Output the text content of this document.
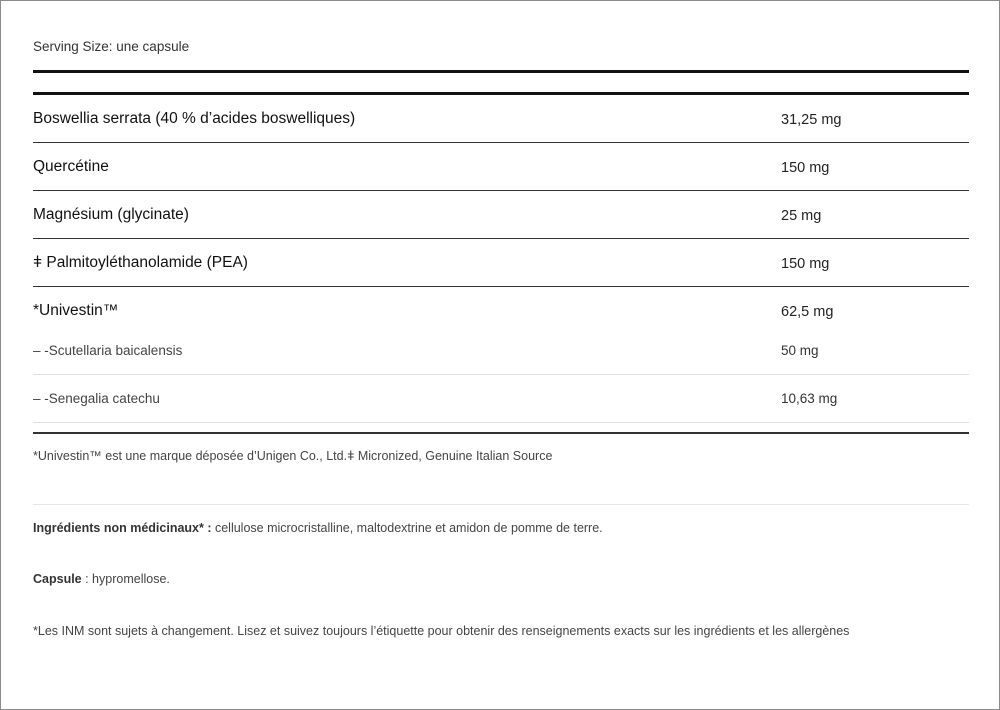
Serving Size: une capsule
Boswellia serrata (40 % d’acides boswelliques)	31,25 mg
Quercétine	150 mg
Magnésium (glycinate)	25 mg
ǂ Palmitoyléthanolamide (PEA)	150 mg
*Univestin™	62,5 mg
– -Scutellaria baicalensis	50 mg
– -Senegalia catechu	10,63 mg
*Univestin™ est une marque déposée d’Unigen Co., Ltd.ǂ Micronized, Genuine Italian Source
Ingrédients non médicinaux* : cellulose microcristalline, maltodextrine et amidon de pomme de terre.
Capsule : hypromellose.
*Les INM sont sujets à changement. Lisez et suivez toujours l’étiquette pour obtenir des renseignements exacts sur les ingrédients et les allergènes
